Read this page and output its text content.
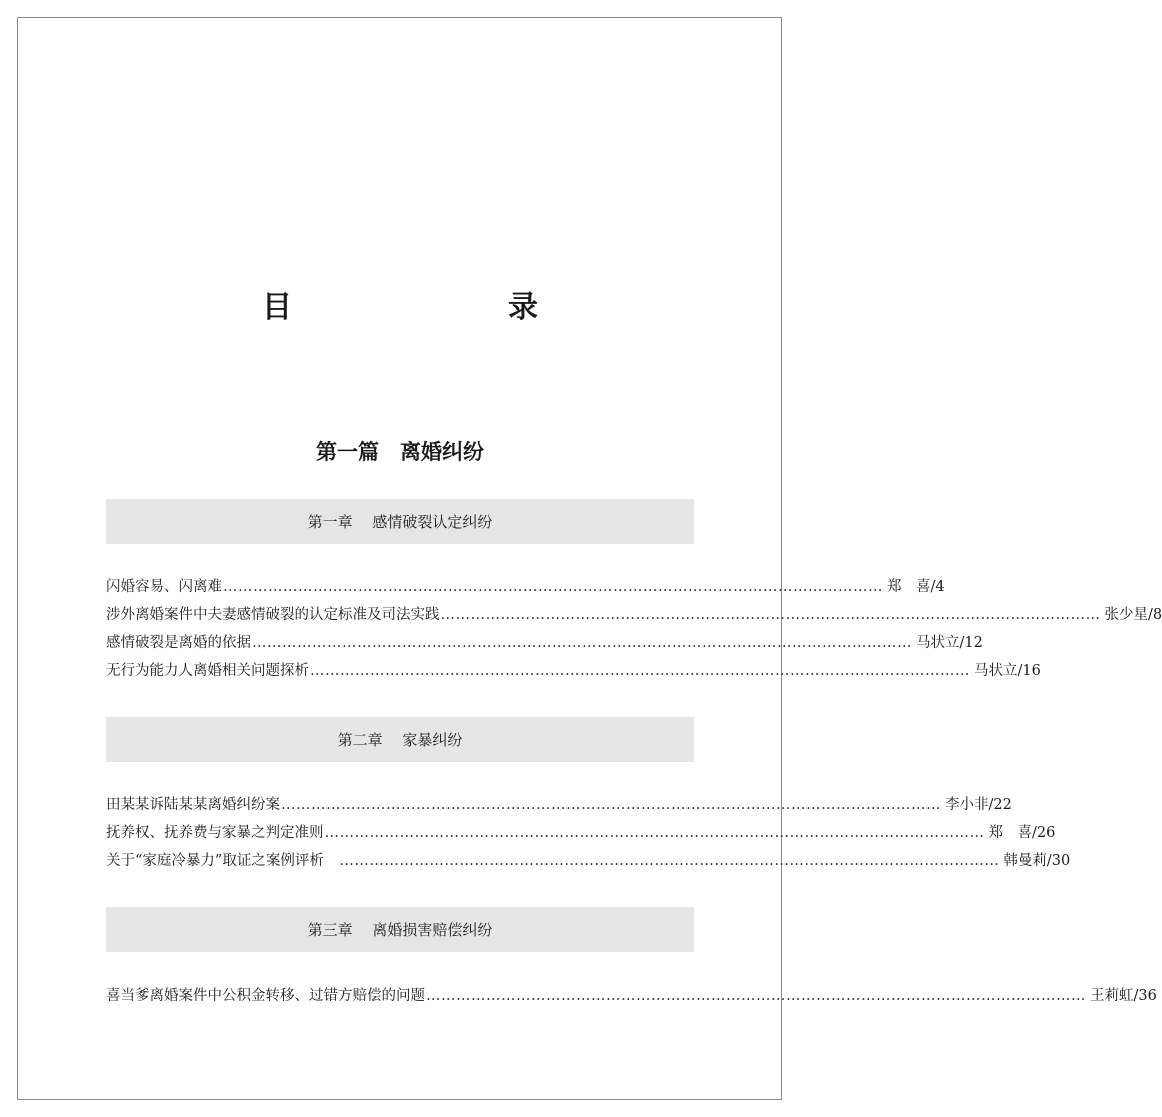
目　　录
第一篇　离婚纠纷
第一章　 感情破裂认定纠纷
闪婚容易、闪离难 …………………………………………………………………………………………………………………… 郑　喜 / 4
涉外离婚案件中夫妻感情破裂的认定标准及司法实践 …………………………………………………………………………………………………………………… 张少星 / 8
感情破裂是离婚的依据 …………………………………………………………………………………………………………………… 马状立 / 12
无行为能力人离婚相关问题探析 …………………………………………………………………………………………………………………… 马状立 / 16
第二章　 家暴纠纷
田某某诉陆某某离婚纠纷案 …………………………………………………………………………………………………………………… 李小非 / 22
抚养权、抚养费与家暴之判定准则 …………………………………………………………………………………………………………………… 郑　喜 / 26
关于“家庭冷暴力”取证之案例评析　 …………………………………………………………………………………………………………………… 韩曼莉 / 30
第三章　 离婚损害赔偿纠纷
喜当爹离婚案件中公积金转移、过错方赔偿的问题 …………………………………………………………………………………………………………………… 王莉虹 / 36
